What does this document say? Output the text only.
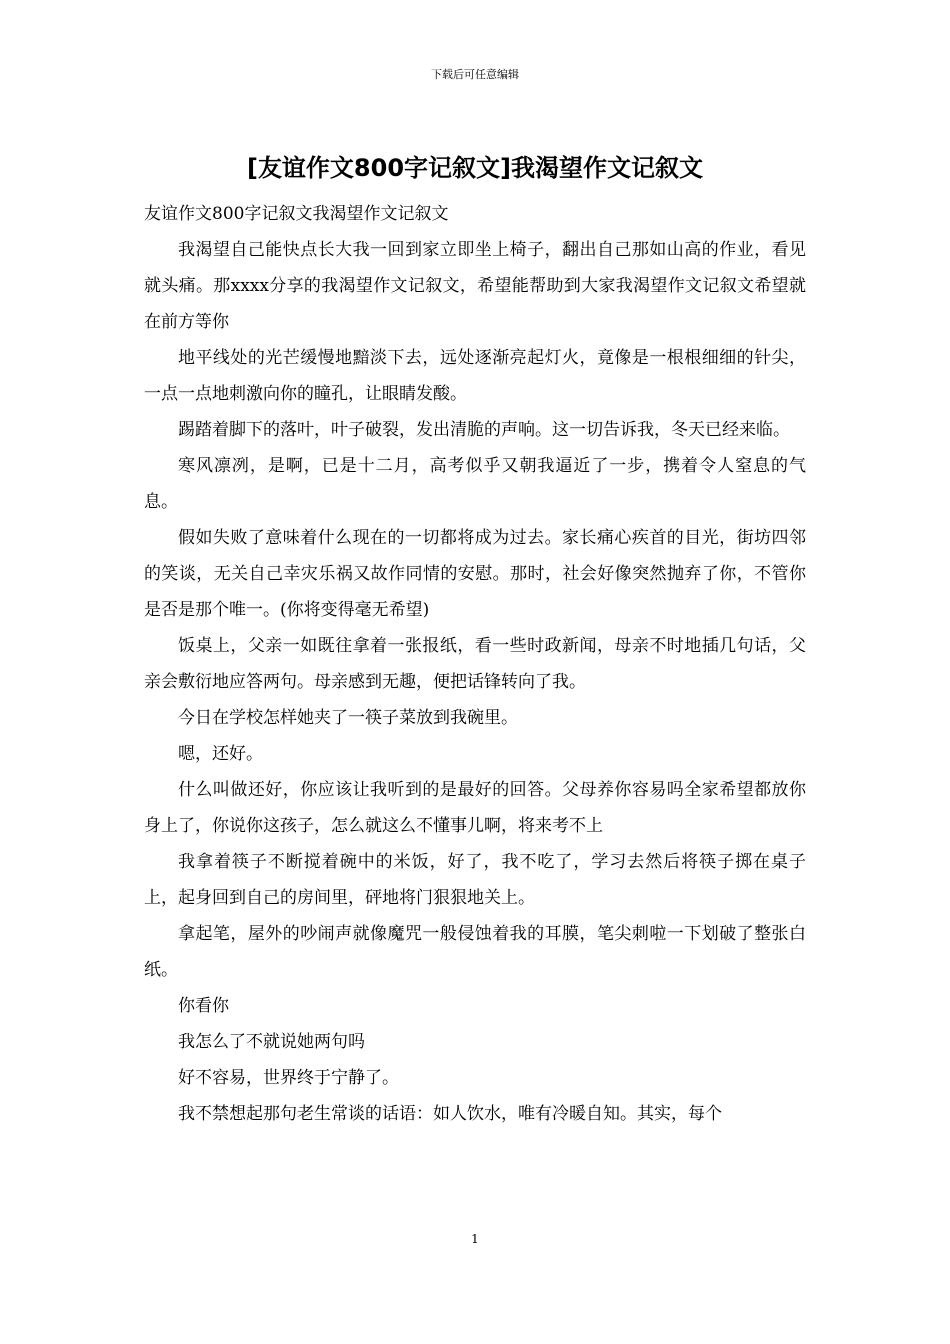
下载后可任意编辑
[友谊作文800字记叙文]我渴望作文记叙文

友谊作文800字记叙文我渴望作文记叙文

我渴望自己能快点长大我一回到家立即坐上椅子，翻出自己那如山高的作业，看见就头痛。那xxxx分享的我渴望作文记叙文，希望能帮助到大家我渴望作文记叙文希望就在前方等你

地平线处的光芒缓慢地黯淡下去，远处逐渐亮起灯火，竟像是一根根细细的针尖，一点一点地刺激向你的瞳孔，让眼睛发酸。

踢踏着脚下的落叶，叶子破裂，发出清脆的声响。这一切告诉我，冬天已经来临。

寒风凛冽，是啊，已是十二月，高考似乎又朝我逼近了一步，携着令人窒息的气息。

假如失败了意味着什么现在的一切都将成为过去。家长痛心疾首的目光，街坊四邻的笑谈，无关自己幸灾乐祸又故作同情的安慰。那时，社会好像突然抛弃了你，不管你是否是那个唯一。(你将变得毫无希望)

饭桌上，父亲一如既往拿着一张报纸，看一些时政新闻，母亲不时地插几句话，父亲会敷衍地应答两句。母亲感到无趣，便把话锋转向了我。

今日在学校怎样她夹了一筷子菜放到我碗里。

嗯，还好。

什么叫做还好，你应该让我听到的是最好的回答。父母养你容易吗全家希望都放你身上了，你说你这孩子，怎么就这么不懂事儿啊，将来考不上

我拿着筷子不断搅着碗中的米饭，好了，我不吃了，学习去然后将筷子掷在桌子上，起身回到自己的房间里，砰地将门狠狠地关上。

拿起笔，屋外的吵闹声就像魔咒一般侵蚀着我的耳膜，笔尖刺啦一下划破了整张白纸。

你看你

我怎么了不就说她两句吗

好不容易，世界终于宁静了。

我不禁想起那句老生常谈的话语：如人饮水，唯有冷暖自知。其实，每个

1
